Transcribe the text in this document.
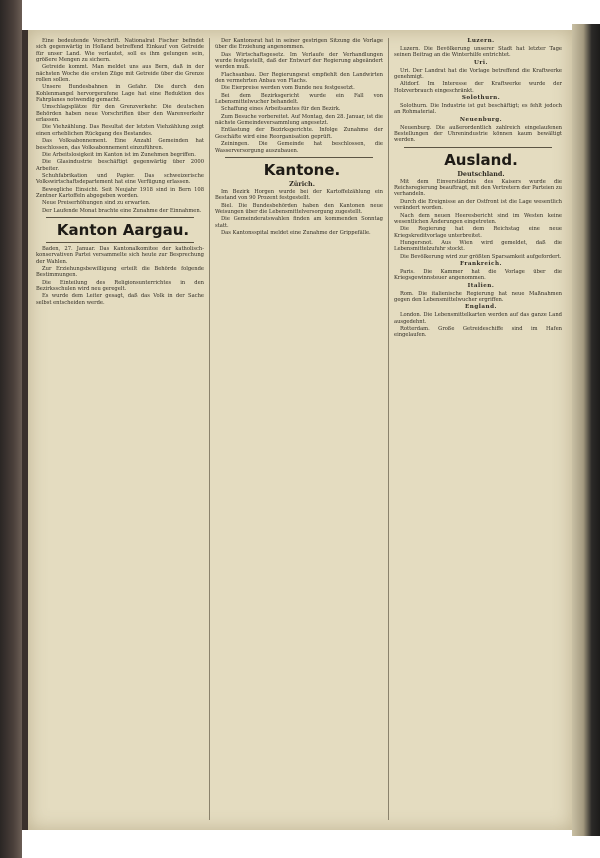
Eine bedeutende Vorschrift. Nationalrat Fischer befindet sich gegenwärtig in Holland betreffend Einkauf von Getreide für unser Land. Wie verlautet, soll es ihm gelungen sein, größere Mengen zu sichern.

Getreide kommt. Man meldet uns aus Bern, daß in der nächsten Woche die ersten Züge mit Getreide über die Grenze rollen sollen.

Unsere Bundesbahnen in Gefahr. Die durch den Kohlenmangel hervorgerufene Lage hat eine Reduktion des Fahrplanes notwendig gemacht.

Umschlagsplätze für den Grenzverkehr. Die deutschen Behörden haben neue Vorschriften über den Warenverkehr erlassen.

Die Viehzählung. Das Resultat der letzten Viehzählung zeigt einen erheblichen Rückgang des Bestandes.

Das Volksabonnement. Eine Anzahl Gemeinden hat beschlossen, das Volksabonnement einzuführen.

Die Arbeitslosigkeit im Kanton ist im Zunehmen begriffen.

Die Glasindustrie beschäftigt gegenwärtig über 2000 Arbeiter.

Schuhfabrikation und Papier. Das schweizerische Volkswirtschaftsdepartement hat eine Verfügung erlassen.

Bewegliche Einsicht. Seit Neujahr 1918 sind in Bern 108 Zentner Kartoffeln abgegeben worden.

Neue Preiserhöhungen sind zu erwarten.

Der Laufende Monat brachte eine Zunahme der Einnahmen.

Kanton Aargau.

Baden, 27. Januar. Das Kantonalkomitee der katholisch-konservativen Partei versammelte sich heute zur Besprechung der Wahlen.

Zur Erziehungsbewilligung erteilt die Behörde folgende Bestimmungen.

Die Einteilung des Religionsunterrichtes in den Bezirksschulen wird neu geregelt.

Es wurde dem Leiter gesagt, daß das Volk in der Sache selbst entscheiden werde.

Der Kantonsrat hat in seiner gestrigen Sitzung die Vorlage über die Erziehung angenommen.

Das Wirtschaftsgesetz. Im Verlaufe der Verhandlungen wurde festgestellt, daß der Entwurf der Regierung abgeändert werden muß.

Flachsanbau. Der Regierungsrat empfiehlt den Landwirten den vermehrten Anbau von Flachs.

Die Eierpreise werden vom Bunde neu festgesetzt.

Bei dem Bezirksgericht wurde ein Fall von Lebensmittelwucher behandelt.

Schaffung eines Arbeitsamtes für den Bezirk.

Zum Besuche vorbereitet. Auf Montag, den 28. Januar, ist die nächste Gemeindeversammlung angesetzt.

Entlastung der Bezirksgerichte. Infolge Zunahme der Geschäfte wird eine Reorganisation geprüft.

Zeiningen. Die Gemeinde hat beschlossen, die Wasserversorgung auszubauen.

Kantone.

Zürich.

Im Bezirk Horgen wurde bei der Kartoffelzählung ein Bestand von 90 Prozent festgestellt.

Biel. Die Bundesbehörden haben den Kantonen neue Weisungen über die Lebensmittelversorgung zugestellt.

Die Gemeinderatswahlen finden am kommenden Sonntag statt.

Das Kantonsspital meldet eine Zunahme der Grippefälle.

Luzern.

Luzern. Die Bevölkerung unserer Stadt hat letzter Tage seinen Beitrag an die Winterhilfe entrichtet.

Uri.

Uri. Der Landrat hat die Vorlage betreffend die Kraftwerke genehmigt.

Altdorf. Im Interesse der Kraftwerke wurde der Holzverbrauch eingeschränkt.

Solothurn.

Solothurn. Die Industrie ist gut beschäftigt; es fehlt jedoch an Rohmaterial.

Neuenburg.

Neuenburg. Die außerordentlich zahlreich eingelaufenen Bestellungen der Uhrenindustrie können kaum bewältigt werden.

Ausland.

Deutschland.

Mit dem Einverständnis des Kaisers wurde die Reichsregierung beauftragt, mit den Vertretern der Parteien zu verhandeln.

Durch die Ereignisse an der Ostfront ist die Lage wesentlich verändert worden.

Nach dem neuen Heeresbericht sind im Westen keine wesentlichen Änderungen eingetreten.

Die Regierung hat dem Reichstag eine neue Kriegskreditvorlage unterbreitet.

Hungersnot. Aus Wien wird gemeldet, daß die Lebensmittelzufuhr stockt.

Die Bevölkerung wird zur größten Sparsamkeit aufgefordert.

Frankreich.

Paris. Die Kammer hat die Vorlage über die Kriegsgewinnsteuer angenommen.

Italien.

Rom. Die italienische Regierung hat neue Maßnahmen gegen den Lebensmittelwucher ergriffen.

England.

London. Die Lebensmittelkarten werden auf das ganze Land ausgedehnt.

Rotterdam. Große Getreideschiffe sind im Hafen eingelaufen.
